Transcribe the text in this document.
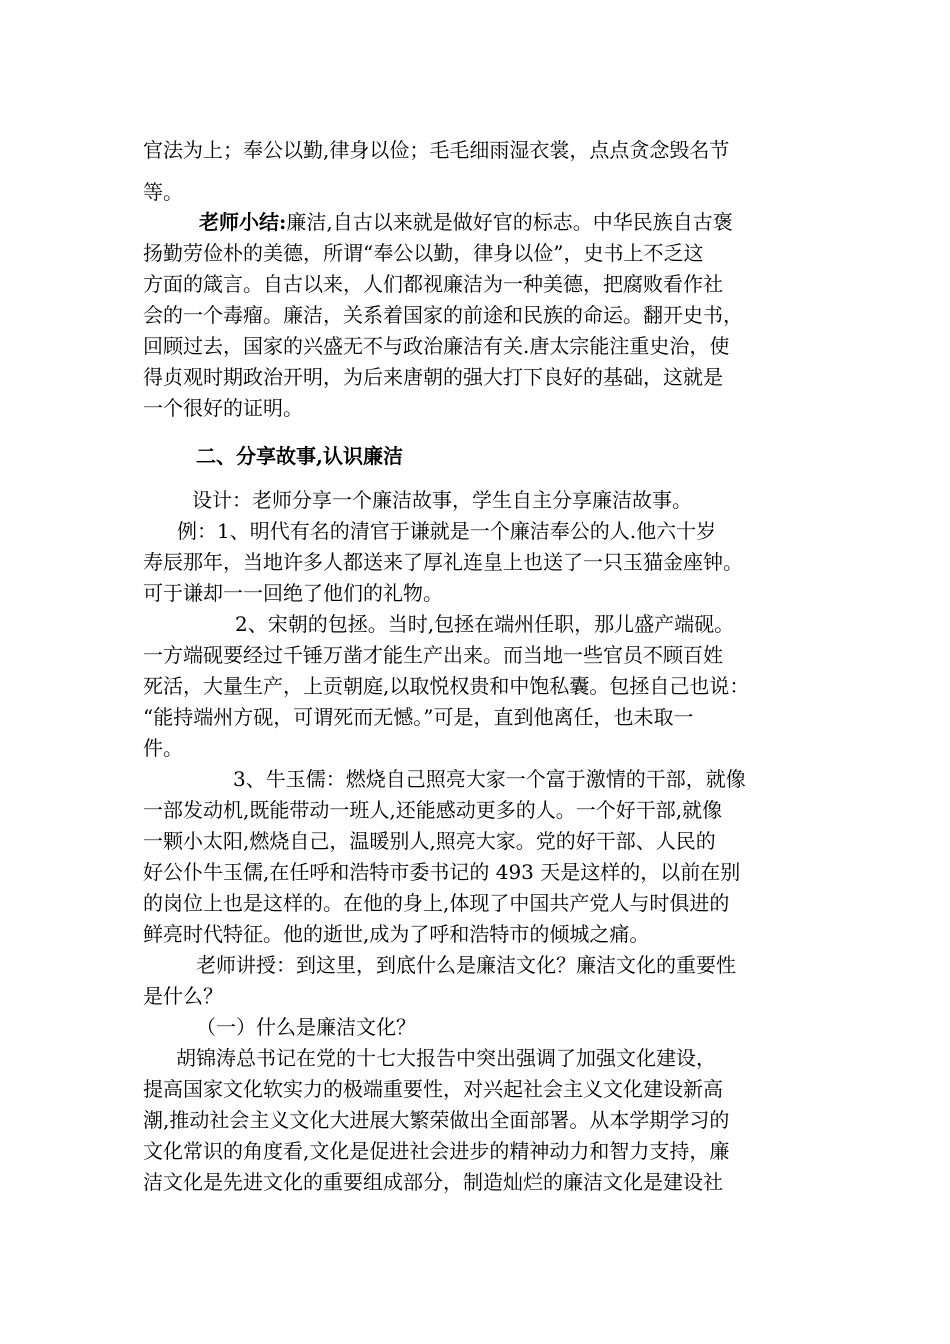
官法为上；奉公以勤,律身以俭；毛毛细雨湿衣裳，点点贪念毁名节
等。
老师小结:廉洁,自古以来就是做好官的标志。中华民族自古褒
扬勤劳俭朴的美德，所谓“奉公以勤，律身以俭”，史书上不乏这
方面的箴言。自古以来，人们都视廉洁为一种美德，把腐败看作社
会的一个毒瘤。廉洁，关系着国家的前途和民族的命运。翻开史书，
回顾过去，国家的兴盛无不与政治廉洁有关.唐太宗能注重史治，使
得贞观时期政治开明，为后来唐朝的强大打下良好的基础，这就是
一个很好的证明。
二、分享故事,认识廉洁
设计：老师分享一个廉洁故事，学生自主分享廉洁故事。
例：1、明代有名的清官于谦就是一个廉洁奉公的人.他六十岁
寿辰那年，当地许多人都送来了厚礼连皇上也送了一只玉猫金座钟。
可于谦却一一回绝了他们的礼物。
2、宋朝的包拯。当时,包拯在端州任职，那儿盛产端砚。
一方端砚要经过千锤万凿才能生产出来。而当地一些官员不顾百姓
死活，大量生产，上贡朝庭,以取悦权贵和中饱私囊。包拯自己也说：
“能持端州方砚，可谓死而无憾。”可是，直到他离任，也未取一
件。
3、牛玉儒：燃烧自己照亮大家一个富于激情的干部，就像
一部发动机,既能带动一班人,还能感动更多的人。一个好干部,就像
一颗小太阳,燃烧自己，温暖别人,照亮大家。党的好干部、人民的
好公仆牛玉儒,在任呼和浩特市委书记的 493 天是这样的，以前在别
的岗位上也是这样的。在他的身上,体现了中国共产党人与时俱进的
鲜亮时代特征。他的逝世,成为了呼和浩特市的倾城之痛。
老师讲授：到这里，到底什么是廉洁文化？廉洁文化的重要性
是什么？
（一）什么是廉洁文化？
胡锦涛总书记在党的十七大报告中突出强调了加强文化建设，
提高国家文化软实力的极端重要性，对兴起社会主义文化建设新高
潮,推动社会主义文化大进展大繁荣做出全面部署。从本学期学习的
文化常识的角度看,文化是促进社会进步的精神动力和智力支持，廉
洁文化是先进文化的重要组成部分，制造灿烂的廉洁文化是建设社
